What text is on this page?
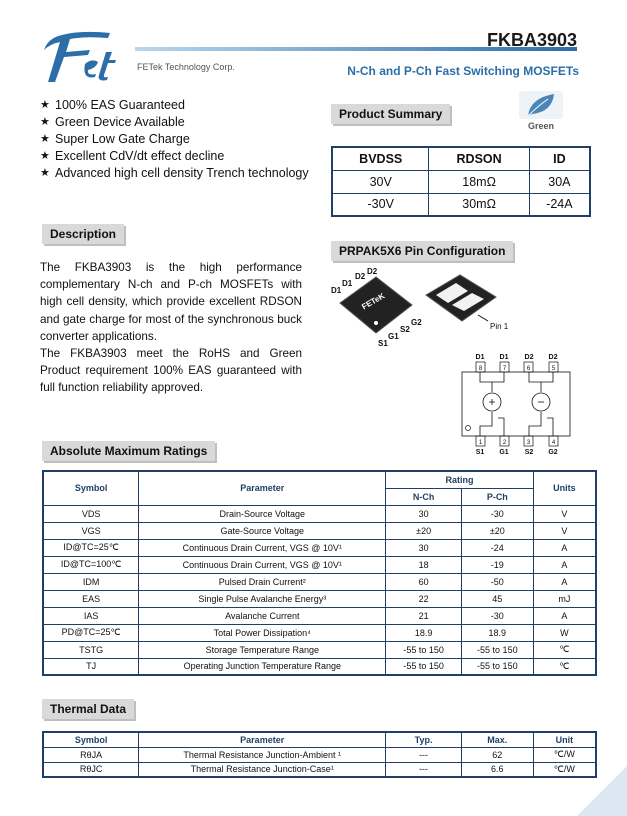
FETek Technology Corp.
FKBA3903
N-Ch and P-Ch Fast Switching MOSFETs
★ 100% EAS Guaranteed
★ Green Device Available
★ Super Low Gate Charge
★ Excellent CdV/dt effect decline
★ Advanced high cell density Trench technology
Product Summary
Green
BVDSS	RDSON	ID
30V	18mΩ	30A
-30V	30mΩ	-24A
Description

The FKBA3903 is the high performance complementary N-ch and P-ch MOSFETs with high cell density, which provide excellent RDSON and gate charge for most of the synchronous buck converter applications.

The FKBA3903 meet the RoHS and Green Product requirement 100% EAS guaranteed with full function reliability approved.

PRPAK5X6 Pin Configuration
FETeK
D1
D1
D2
D2
S1
G1
S2
G2	Pin 1
D1 D1 D2 D2
S1 G1 S2 G2
8	7	6	5
1	2	3	4
Absolute Maximum Ratings
Symbol	Parameter	Rating		Units
		N-Ch	P-Ch	
VDS	Drain-Source Voltage	30	-30	V
VGS	Gate-Source Voltage	±20	±20	V
ID@TC=25℃	Continuous Drain Current, VGS @ 10V¹	30	-24	A
ID@TC=100℃	Continuous Drain Current, VGS @ 10V¹	18	-19	A
IDM	Pulsed Drain Current²	60	-50	A
EAS	Single Pulse Avalanche Energy³	22	45	mJ
IAS	Avalanche Current	21	-30	A
PD@TC=25℃	Total Power Dissipation⁴	18.9	18.9	W
TSTG	Storage Temperature Range	-55 to 150	-55 to 150	℃
TJ	Operating Junction Temperature Range	-55 to 150	-55 to 150	℃
Thermal Data
Symbol	Parameter	Typ.	Max.	Unit
RθJA	Thermal Resistance Junction-Ambient ¹	---	62	℃/W
RθJC	Thermal Resistance Junction-Case¹	---	6.6	℃/W
